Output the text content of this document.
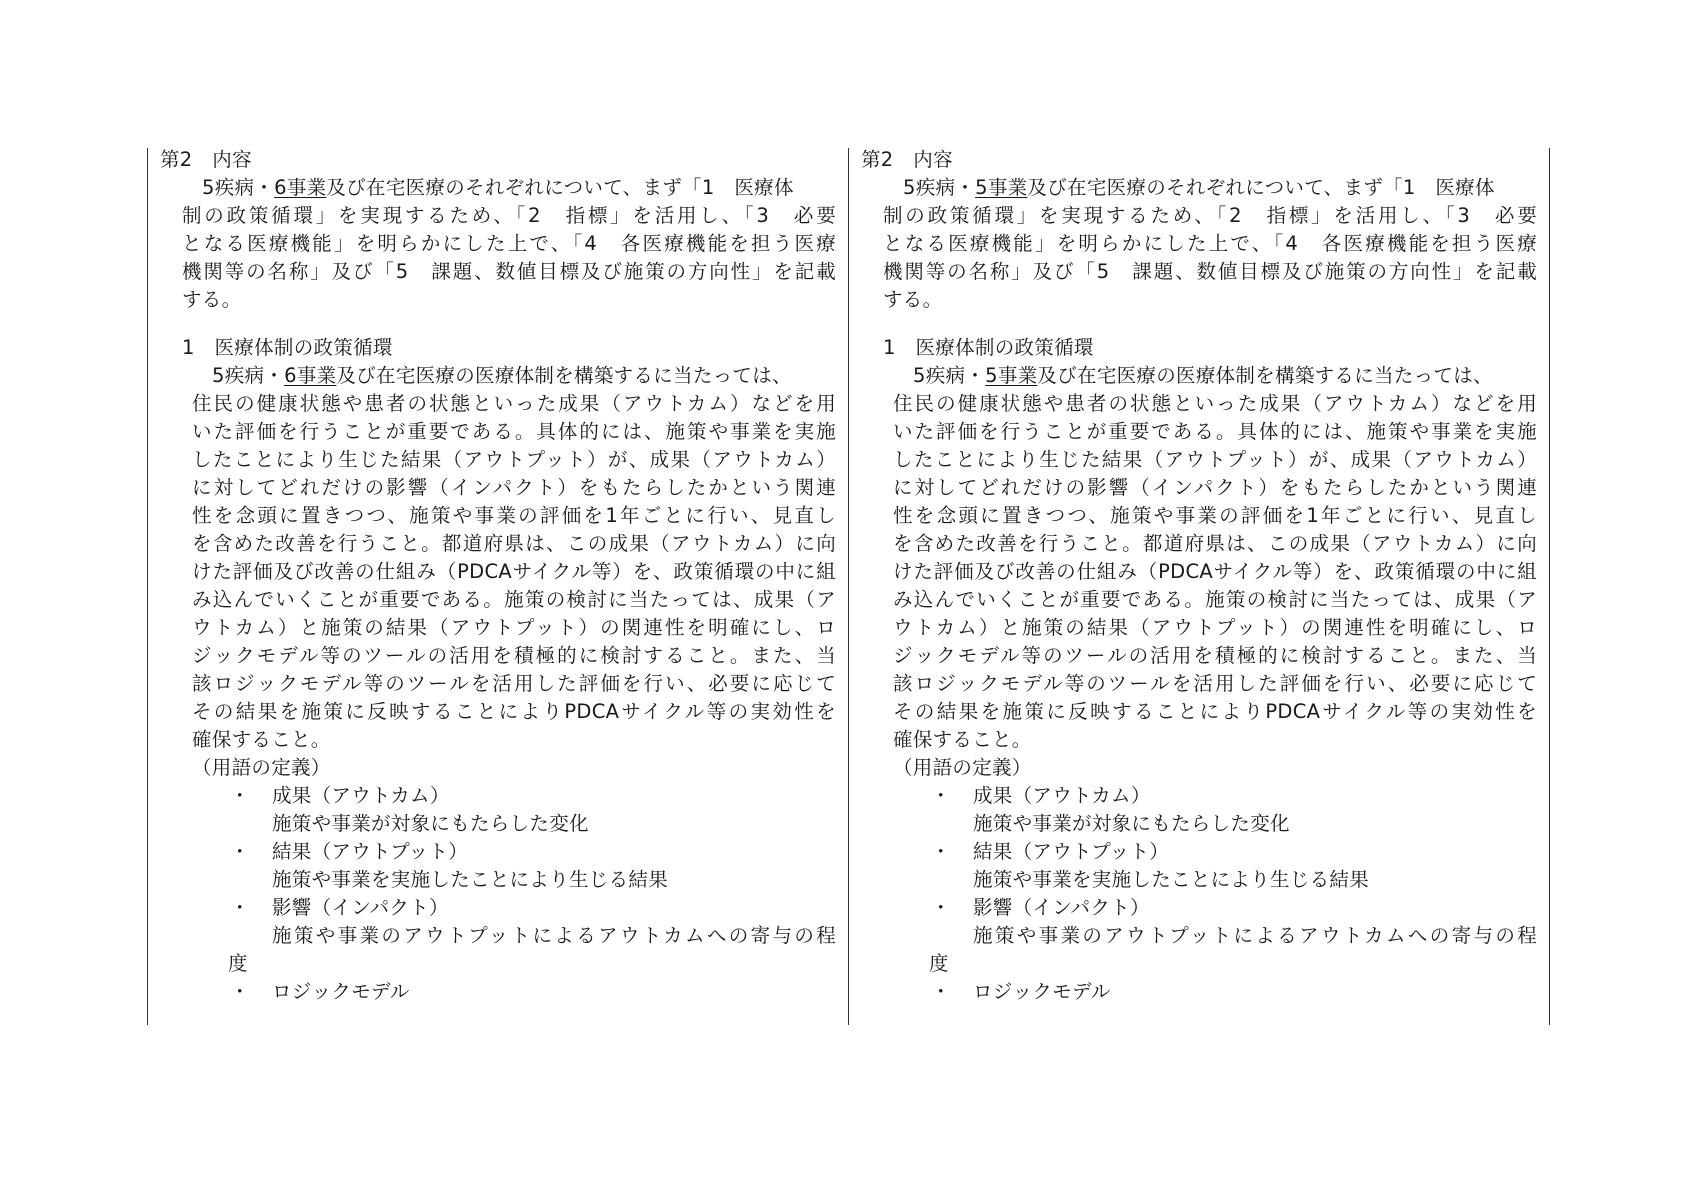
第2　内容
5疾病・6事業及び在宅医療のそれぞれについて、まず「1　医療体
制の政策循環」を実現するため、「2　指標」を活用し、「3　必要
となる医療機能」を明らかにした上で、「4　各医療機能を担う医療
機関等の名称」及び「5　課題、数値目標及び施策の方向性」を記載
する。
1　医療体制の政策循環
5疾病・6事業及び在宅医療の医療体制を構築するに当たっては、
住民の健康状態や患者の状態といった成果（アウトカム）などを用
いた評価を行うことが重要である。具体的には、施策や事業を実施
したことにより生じた結果（アウトプット）が、成果（アウトカム）
に対してどれだけの影響（インパクト）をもたらしたかという関連
性を念頭に置きつつ、施策や事業の評価を1年ごとに行い、見直し
を含めた改善を行うこと。都道府県は、この成果（アウトカム）に向
けた評価及び改善の仕組み（PDCAサイクル等）を、政策循環の中に組
み込んでいくことが重要である。施策の検討に当たっては、成果（ア
ウトカム）と施策の結果（アウトプット）の関連性を明確にし、ロ
ジックモデル等のツールの活用を積極的に検討すること。また、当
該ロジックモデル等のツールを活用した評価を行い、必要に応じて
その結果を施策に反映することによりPDCAサイクル等の実効性を
確保すること。
（用語の定義）
・ 成果（アウトカム）
施策や事業が対象にもたらした変化
・ 結果（アウトプット）
施策や事業を実施したことにより生じる結果
・ 影響（インパクト）
施策や事業のアウトプットによるアウトカムへの寄与の程
度
・ ロジックモデル
第2　内容
5疾病・5事業及び在宅医療のそれぞれについて、まず「1　医療体
制の政策循環」を実現するため、「2　指標」を活用し、「3　必要
となる医療機能」を明らかにした上で、「4　各医療機能を担う医療
機関等の名称」及び「5　課題、数値目標及び施策の方向性」を記載
する。
1　医療体制の政策循環
5疾病・5事業及び在宅医療の医療体制を構築するに当たっては、
住民の健康状態や患者の状態といった成果（アウトカム）などを用
いた評価を行うことが重要である。具体的には、施策や事業を実施
したことにより生じた結果（アウトプット）が、成果（アウトカム）
に対してどれだけの影響（インパクト）をもたらしたかという関連
性を念頭に置きつつ、施策や事業の評価を1年ごとに行い、見直し
を含めた改善を行うこと。都道府県は、この成果（アウトカム）に向
けた評価及び改善の仕組み（PDCAサイクル等）を、政策循環の中に組
み込んでいくことが重要である。施策の検討に当たっては、成果（ア
ウトカム）と施策の結果（アウトプット）の関連性を明確にし、ロ
ジックモデル等のツールの活用を積極的に検討すること。また、当
該ロジックモデル等のツールを活用した評価を行い、必要に応じて
その結果を施策に反映することによりPDCAサイクル等の実効性を
確保すること。
（用語の定義）
・ 成果（アウトカム）
施策や事業が対象にもたらした変化
・ 結果（アウトプット）
施策や事業を実施したことにより生じる結果
・ 影響（インパクト）
施策や事業のアウトプットによるアウトカムへの寄与の程
度
・ ロジックモデル
